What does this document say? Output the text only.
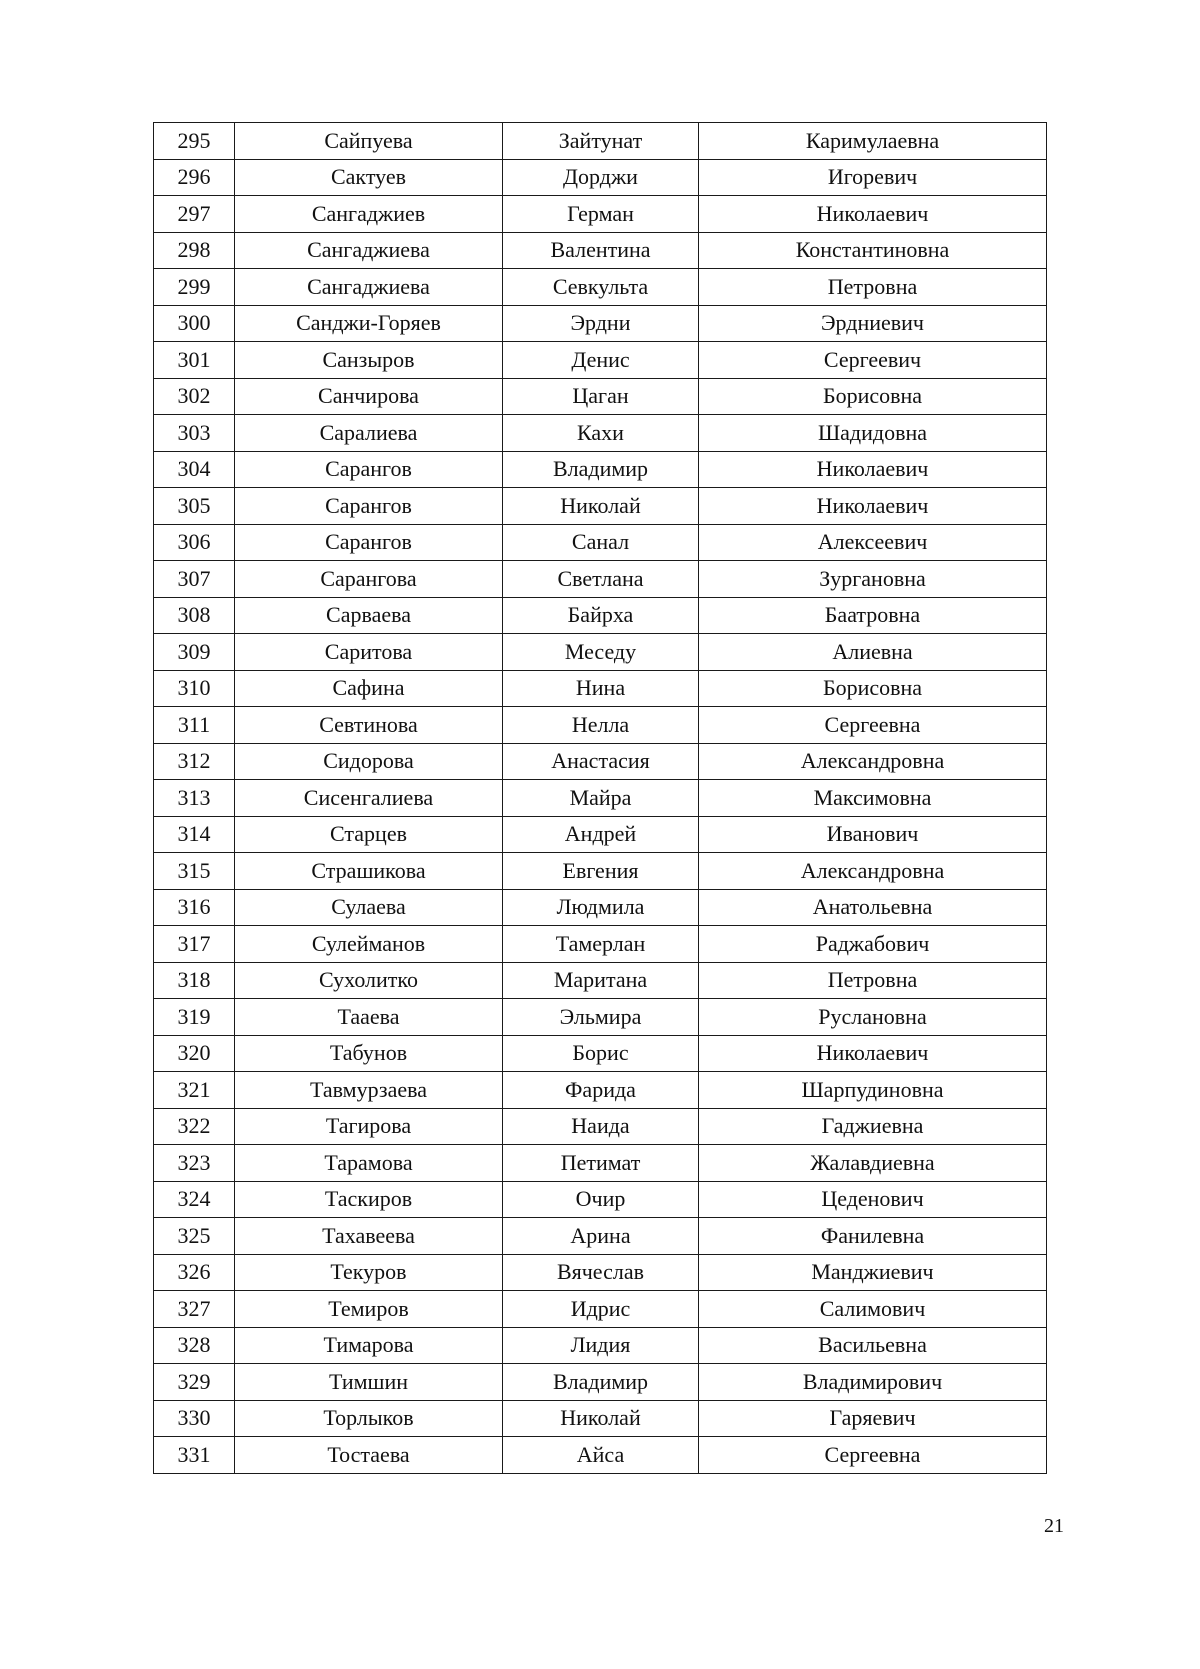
295	Сайпуева	Зайтунат	Каримулаевна
296	Сактуев	Дорджи	Игоревич
297	Сангаджиев	Герман	Николаевич
298	Сангаджиева	Валентина	Константиновна
299	Сангаджиева	Севкульта	Петровна
300	Санджи-Горяев	Эрдни	Эрдниевич
301	Санзыров	Денис	Сергеевич
302	Санчирова	Цаган	Борисовна
303	Саралиева	Кахи	Шадидовна
304	Сарангов	Владимир	Николаевич
305	Сарангов	Николай	Николаевич
306	Сарангов	Санал	Алексеевич
307	Сарангова	Светлана	Зургановна
308	Сарваева	Байрха	Баатровна
309	Саритова	Меседу	Алиевна
310	Сафина	Нина	Борисовна
311	Севтинова	Нелла	Сергеевна
312	Сидорова	Анастасия	Александровна
313	Сисенгалиева	Майра	Максимовна
314	Старцев	Андрей	Иванович
315	Страшикова	Евгения	Александровна
316	Сулаева	Людмила	Анатольевна
317	Сулейманов	Тамерлан	Раджабович
318	Сухолитко	Маритана	Петровна
319	Тааева	Эльмира	Руслановна
320	Табунов	Борис	Николаевич
321	Тавмурзаева	Фарида	Шарпудиновна
322	Тагирова	Наида	Гаджиевна
323	Тарамова	Петимат	Жалавдиевна
324	Таскиров	Очир	Цеденович
325	Тахавеева	Арина	Фанилевна
326	Текуров	Вячеслав	Манджиевич
327	Темиров	Идрис	Салимович
328	Тимарова	Лидия	Васильевна
329	Тимшин	Владимир	Владимирович
330	Торлыков	Николай	Гаряевич
331	Тостаева	Айса	Сергеевна
21
